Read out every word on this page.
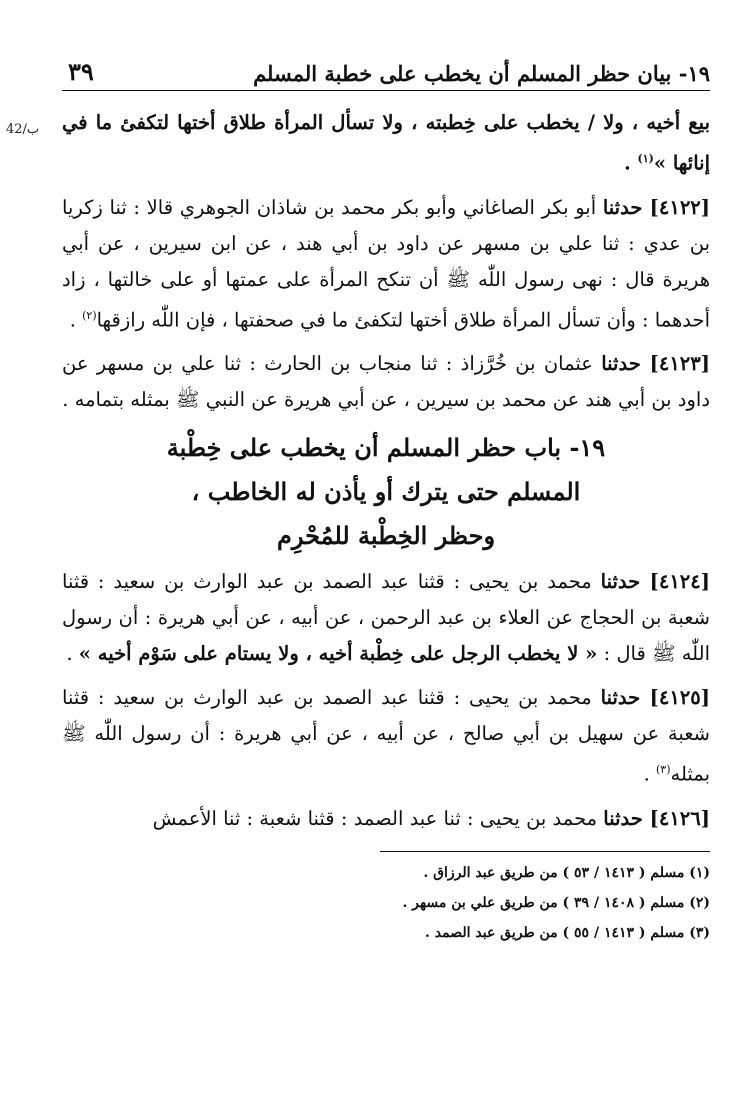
١٩- بيان حظر المسلم أن يخطب على خطبة المسلم
٣٩
42/ب بيع أخيه ، ولا / يخطب على خِطبته ، ولا تسأل المرأة طلاق أختها لتكفئ ما في إنائها »$^{(١)}$ .

[٤١٢٢] حدثنا أبو بكر الصاغاني وأبو بكر محمد بن شاذان الجوهري قالا : ثنا زكريا بن عدي : ثنا علي بن مسهر عن داود بن أبي هند ، عن ابن سيرين ، عن أبي هريرة قال : نهى رسول اللّٰه ﷺ أن تنكح المرأة على عمتها أو على خالتها ، زاد أحدهما : وأن تسأل المرأة طلاق أختها لتكفئ ما في صحفتها ، فإن اللّٰه رازقها$^{(٢)}$ .

[٤١٢٣] حدثنا عثمان بن خُرَّزاذ : ثنا منجاب بن الحارث : ثنا علي بن مسهر عن داود بن أبي هند عن محمد بن سيرين ، عن أبي هريرة عن النبي ﷺ بمثله بتمامه .

١٩- باب حظر المسلم أن يخطب على خِطْبة
المسلم حتى يترك أو يأذن له الخاطب ،
وحظر الخِطْبة للمُحْرِم

[٤١٢٤] حدثنا محمد بن يحيى : قثنا عبد الصمد بن عبد الوارث بن سعيد : قثنا شعبة بن الحجاج عن العلاء بن عبد الرحمن ، عن أبيه ، عن أبي هريرة : أن رسول اللّٰه ﷺ قال : « لا يخطب الرجل على خِطْبة أخيه ، ولا يستام على سَوْم أخيه » .

[٤١٢٥] حدثنا محمد بن يحيى : قثنا عبد الصمد بن عبد الوارث بن سعيد : قثنا شعبة عن سهيل بن أبي صالح ، عن أبيه ، عن أبي هريرة : أن رسول اللّٰه ﷺ بمثله$^{(٣)}$ .

[٤١٢٦] حدثنا محمد بن يحيى : ثنا عبد الصمد : قثنا شعبة : ثنا الأعمش

(١) مسلم ( ١٤١٣ / ٥٣ ) من طريق عبد الرزاق .
(٢) مسلم ( ١٤٠٨ / ٣٩ ) من طريق علي بن مسهر .
(٣) مسلم ( ١٤١٣ / ٥٥ ) من طريق عبد الصمد .
